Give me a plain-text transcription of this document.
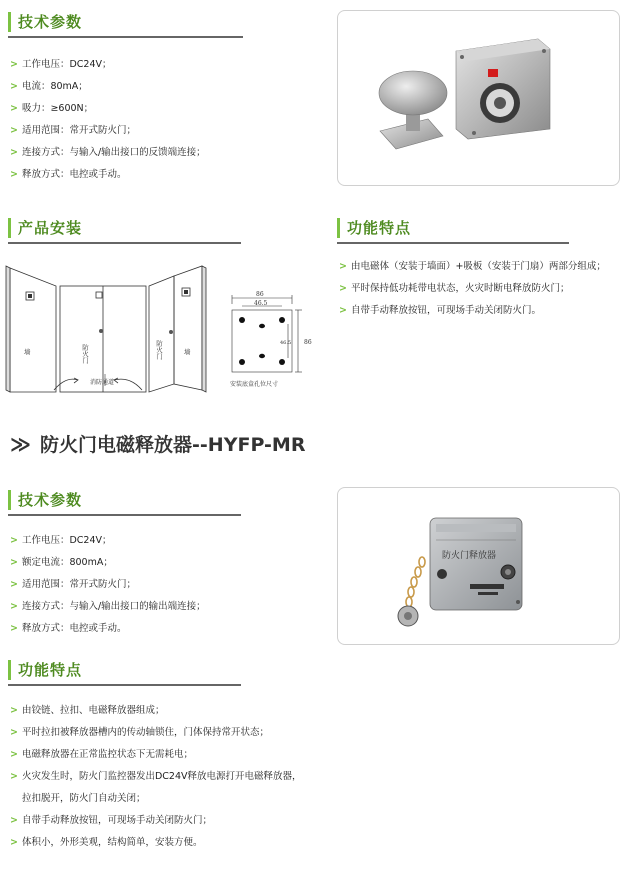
技术参数
> 工作电压：DC24V；
> 电流：80mA；
> 吸力：≥600N；
> 适用范围：常开式防火门；
> 连接方式：与输入/输出接口的反馈端连接；
> 释放方式：电控或手动。
产品安装	功能特点
> 由电磁体（安装于墙面）+吸板（安装于门扇）两部分组成；
> 平时保持低功耗带电状态，火灾时断电释放防火门；
> 自带手动释放按钮，可现场手动关闭防火门。
墙	防火门	防火门	墙
消防通道
86
46.5
86
46.5
安装底盒孔位尺寸
≫ 防火门电磁释放器--HYFP-MR
技术参数
> 工作电压：DC24V；
> 额定电流：800mA；
> 适用范围：常开式防火门；
> 连接方式：与输入/输出接口的输出端连接；
> 释放方式：电控或手动。
防火门释放器
功能特点
> 由铰链、拉扣、电磁释放器组成；
> 平时拉扣被释放器槽内的传动轴锁住，门体保持常开状态；
> 电磁释放器在正常监控状态下无需耗电；
> 火灾发生时，防火门监控器发出DC24V释放电源打开电磁释放器，
拉扣脱开，防火门自动关闭；
> 自带手动释放按钮，可现场手动关闭防火门；
> 体积小，外形美观，结构简单，安装方便。
